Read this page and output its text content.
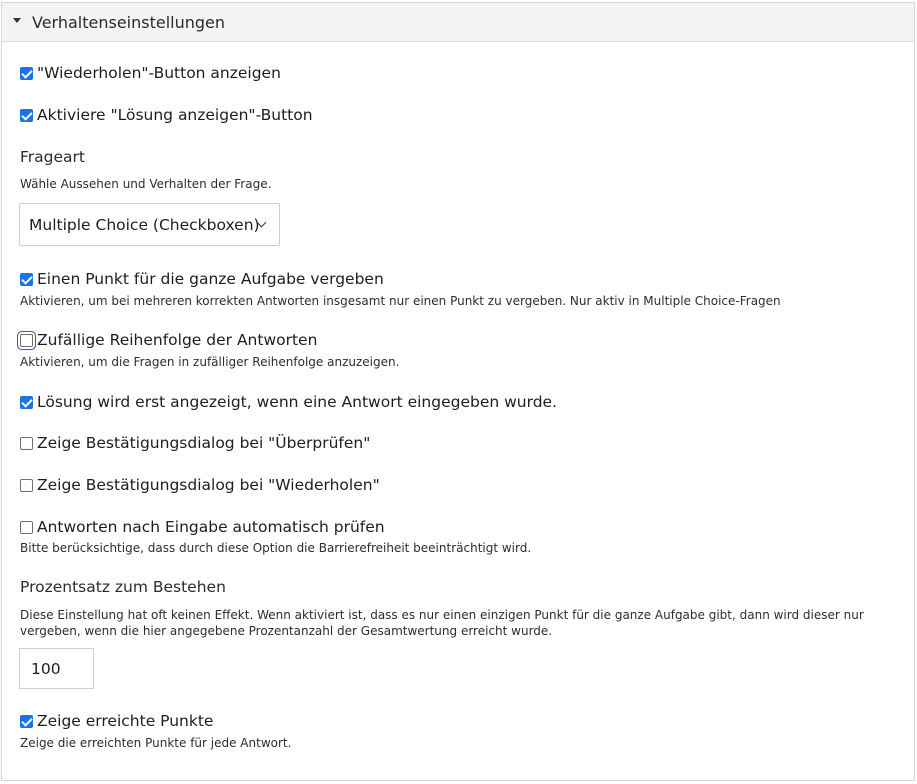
Verhaltenseinstellungen
"Wiederholen"-Button anzeigen
Aktiviere "Lösung anzeigen"-Button
Frageart
Wähle Aussehen und Verhalten der Frage.
Multiple Choice (Checkboxen)
Einen Punkt für die ganze Aufgabe vergeben
Aktivieren, um bei mehreren korrekten Antworten insgesamt nur einen Punkt zu vergeben. Nur aktiv in Multiple Choice-Fragen
Zufällige Reihenfolge der Antworten
Aktivieren, um die Fragen in zufälliger Reihenfolge anzuzeigen.
Lösung wird erst angezeigt, wenn eine Antwort eingegeben wurde.
Zeige Bestätigungsdialog bei "Überprüfen"
Zeige Bestätigungsdialog bei "Wiederholen"
Antworten nach Eingabe automatisch prüfen
Bitte berücksichtige, dass durch diese Option die Barrierefreiheit beeinträchtigt wird.
Prozentsatz zum Bestehen
Diese Einstellung hat oft keinen Effekt. Wenn aktiviert ist, dass es nur einen einzigen Punkt für die ganze Aufgabe gibt, dann wird dieser nur
vergeben, wenn die hier angegebene Prozentanzahl der Gesamtwertung erreicht wurde.
100
Zeige erreichte Punkte
Zeige die erreichten Punkte für jede Antwort.
